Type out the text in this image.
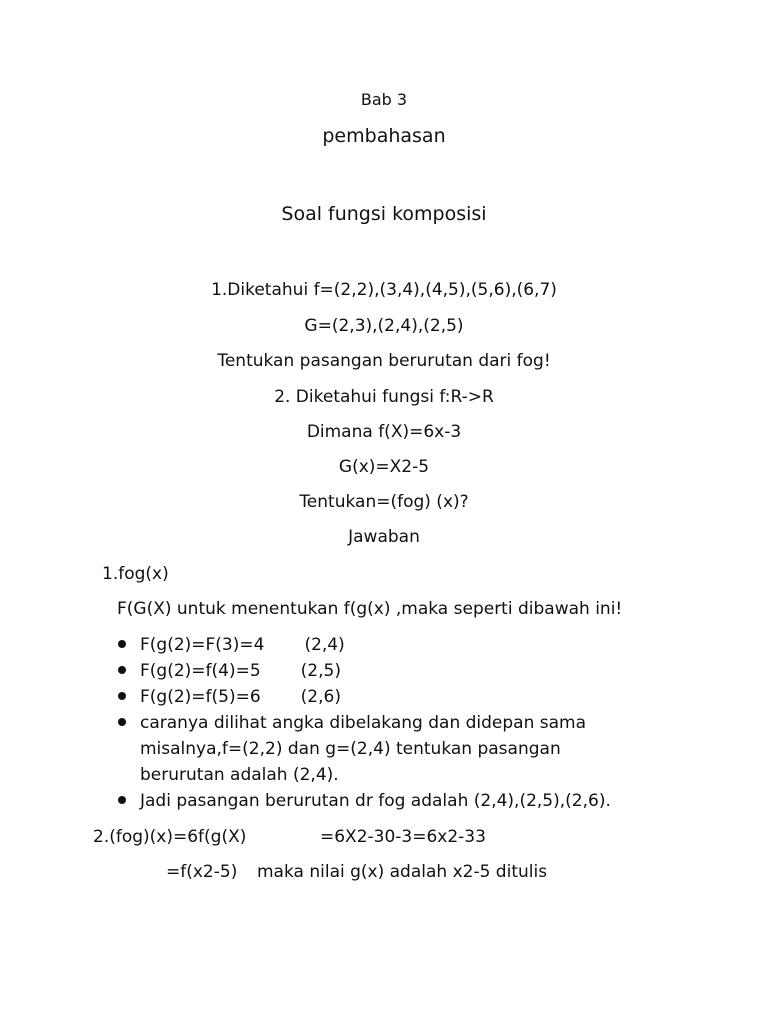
Bab 3
pembahasan
Soal fungsi komposisi
1.Diketahui f=(2,2),(3,4),(4,5),(5,6),(6,7)
G=(2,3),(2,4),(2,5)
Tentukan pasangan berurutan dari fog!
2. Diketahui fungsi f:R->R
Dimana f(X)=6x-3
G(x)=X2-5
Tentukan=(fog) (x)?
Jawaban
1.fog(x)
F(G(X) untuk menentukan f(g(x) ,maka seperti dibawah ini!
F(g(2)=F(3)=4 (2,4)
F(g(2)=f(4)=5 (2,5)
F(g(2)=f(5)=6 (2,6)
caranya dilihat angka dibelakang dan didepan sama misalnya,f=(2,2) dan g=(2,4) tentukan pasangan berurutan adalah (2,4).
Jadi pasangan berurutan dr fog adalah (2,4),(2,5),(2,6).
2.(fog)(x)=6f(g(X)	=6X2-30-3=6x2-33
=f(x2-5) maka nilai g(x) adalah x2-5 ditulis
